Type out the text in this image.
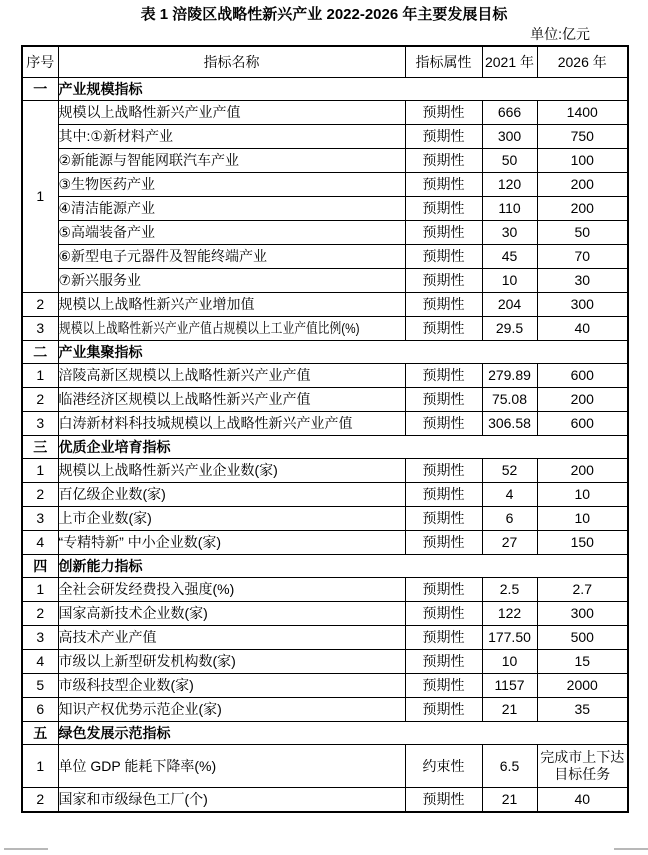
表 1 涪陵区战略性新兴产业 2022-2026 年主要发展目标
单位:亿元
序号	指标名称	指标属性	2021 年	2026 年
一	产业规模指标			
1	规模以上战略性新兴产业产值	预期性	666	1400
	其中:①新材料产业	预期性	300	750
	②新能源与智能网联汽车产业	预期性	50	100
	③生物医药产业	预期性	120	200
	④清洁能源产业	预期性	110	200
	⑤高端装备产业	预期性	30	50
	⑥新型电子元器件及智能终端产业	预期性	45	70
	⑦新兴服务业	预期性	10	30
2	规模以上战略性新兴产业增加值	预期性	204	300
3	规模以上战略性新兴产业产值占规模以上工业产值比例(%)	预期性	29.5	40
二	产业集聚指标			
1	涪陵高新区规模以上战略性新兴产业产值	预期性	279.89	600
2	临港经济区规模以上战略性新兴产业产值	预期性	75.08	200
3	白涛新材料科技城规模以上战略性新兴产业产值	预期性	306.58	600
三	优质企业培育指标			
1	规模以上战略性新兴产业企业数(家)	预期性	52	200
2	百亿级企业数(家)	预期性	4	10
3	上市企业数(家)	预期性	6	10
4	“专精特新” 中小企业数(家)	预期性	27	150
四	创新能力指标			
1	全社会研发经费投入强度(%)	预期性	2.5	2.7
2	国家高新技术企业数(家)	预期性	122	300
3	高技术产业产值	预期性	177.50	500
4	市级以上新型研发机构数(家)	预期性	10	15
5	市级科技型企业数(家)	预期性	1157	2000
6	知识产权优势示范企业(家)	预期性	21	35
五	绿色发展示范指标			
1	单位 GDP 能耗下降率(%)	约束性	6.5	完成市上下达目标任务
2	国家和市级绿色工厂(个)	预期性	21	40
